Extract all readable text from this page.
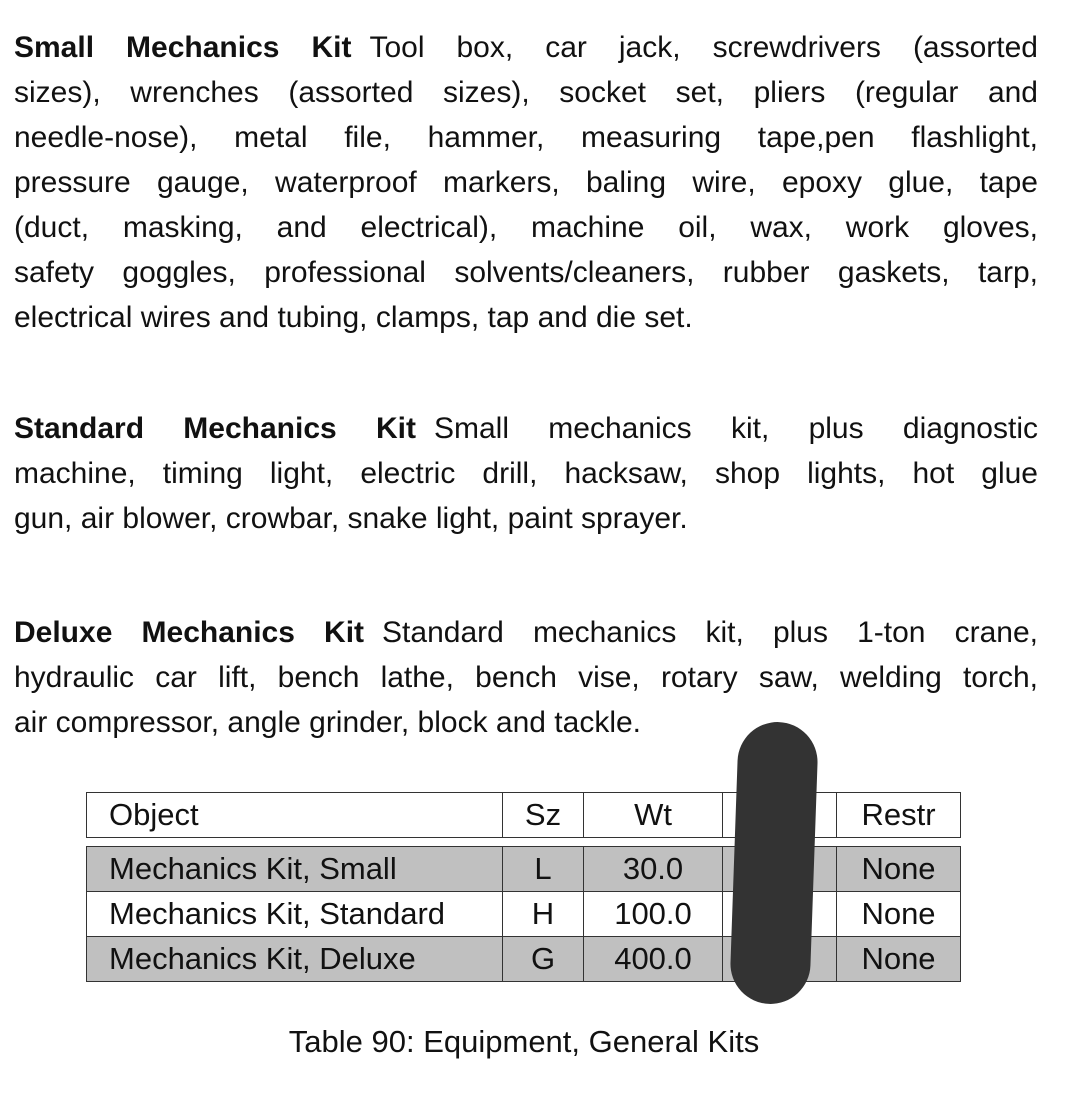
Small Mechanics Kit Tool box, car jack, screwdrivers (assorted
sizes), wrenches (assorted sizes), socket set, pliers (regular and
needle-nose), metal file, hammer, measuring tape,pen flashlight,
pressure gauge, waterproof markers, baling wire, epoxy glue, tape
(duct, masking, and electrical), machine oil, wax, work gloves,
safety goggles, professional solvents/cleaners, rubber gaskets, tarp,
electrical wires and tubing, clamps, tap and die set.
Standard Mechanics Kit Small mechanics kit, plus diagnostic
machine, timing light, electric drill, hacksaw, shop lights, hot glue
gun, air blower, crowbar, snake light, paint sprayer.
Deluxe Mechanics Kit Standard mechanics kit, plus 1-ton crane,
hydraulic car lift, bench lathe, bench vise, rotary saw, welding torch,
air compressor, angle grinder, block and tackle.
Object	Sz	Wt		Restr

Mechanics Kit, Small	L	30.0		None
Mechanics Kit, Standard	H	100.0		None
Mechanics Kit, Deluxe	G	400.0		None
Table 90: Equipment, General Kits
